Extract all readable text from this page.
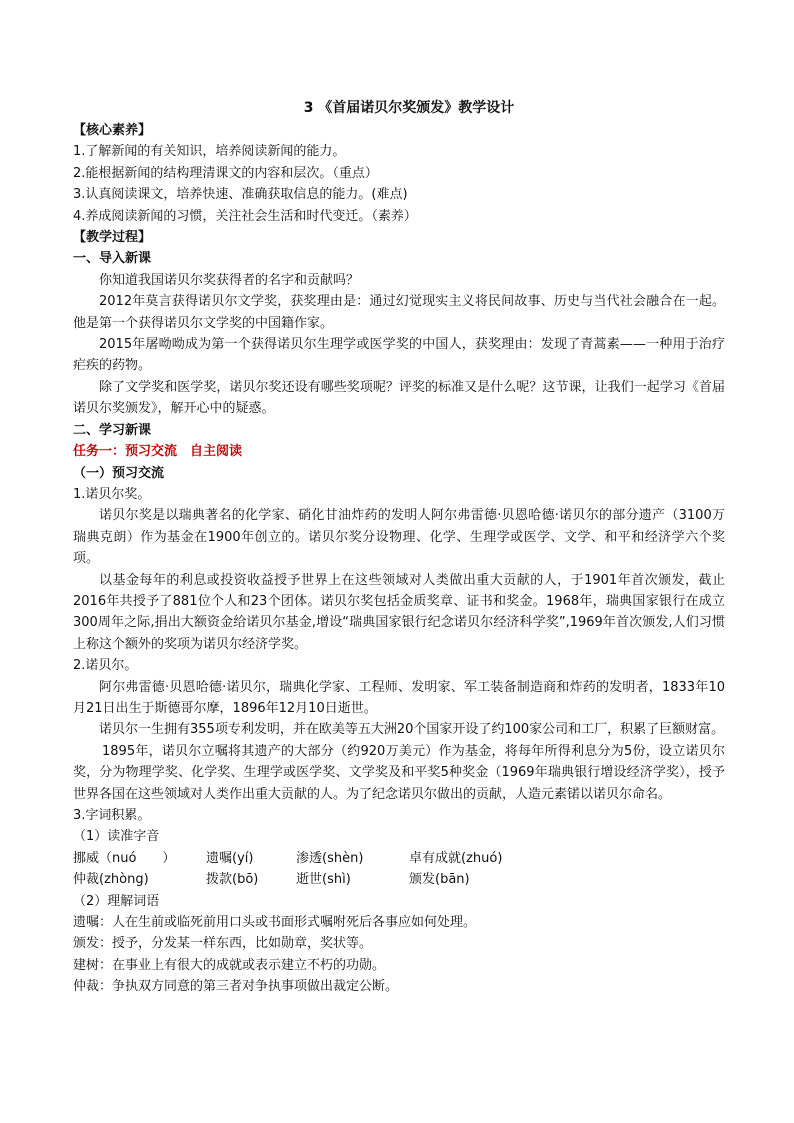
3 《首届诺贝尔奖颁发》教学设计
【核心素养】
1.了解新闻的有关知识，培养阅读新闻的能力。
2.能根据新闻的结构理清课文的内容和层次。（重点）
3.认真阅读课文，培养快速、准确获取信息的能力。(难点)
4.养成阅读新闻的习惯，关注社会生活和时代变迁。（素养）
【教学过程】
一、导入新课
你知道我国诺贝尔奖获得者的名字和贡献吗？
2012年莫言获得诺贝尔文学奖，获奖理由是：通过幻觉现实主义将民间故事、历史与当代社会融合在一起。他是第一个获得诺贝尔文学奖的中国籍作家。
2015年屠呦呦成为第一个获得诺贝尔生理学或医学奖的中国人，获奖理由：发现了青蒿素——一种用于治疗疟疾的药物。
除了文学奖和医学奖，诺贝尔奖还设有哪些奖项呢？评奖的标准又是什么呢？这节课，让我们一起学习《首届诺贝尔奖颁发》，解开心中的疑惑。
二、学习新课
任务一：预习交流　自主阅读
（一）预习交流
1.诺贝尔奖。
诺贝尔奖是以瑞典著名的化学家、硝化甘油炸药的发明人阿尔弗雷德·贝恩哈德·诺贝尔的部分遗产（3100万瑞典克朗）作为基金在1900年创立的。诺贝尔奖分设物理、化学、生理学或医学、文学、和平和经济学六个奖项。
以基金每年的利息或投资收益授予世界上在这些领域对人类做出重大贡献的人，于1901年首次颁发，截止2016年共授予了881位个人和23个团体。诺贝尔奖包括金质奖章、证书和奖金。1968年，瑞典国家银行在成立300周年之际,捐出大额资金给诺贝尔基金,增设“瑞典国家银行纪念诺贝尔经济科学奖”,1969年首次颁发,人们习惯上称这个额外的奖项为诺贝尔经济学奖。
2.诺贝尔。
阿尔弗雷德·贝恩哈德·诺贝尔，瑞典化学家、工程师、发明家、军工装备制造商和炸药的发明者，1833年10月21日出生于斯德哥尔摩，1896年12月10日逝世。
诺贝尔一生拥有355项专利发明，并在欧美等五大洲20个国家开设了约100家公司和工厂，积累了巨额财富。
1895年，诺贝尔立嘱将其遗产的大部分（约920万美元）作为基金，将每年所得利息分为5份，设立诺贝尔奖，分为物理学奖、化学奖、生理学或医学奖、文学奖及和平奖5种奖金（1969年瑞典银行增设经济学奖），授予世界各国在这些领域对人类作出重大贡献的人。为了纪念诺贝尔做出的贡献，人造元素锘以诺贝尔命名。
3.字词积累。
（1）读准字音
挪威（nuó　　）	遗嘱(yí)	渗透(shèn)	卓有成就(zhuó)
仲裁(zhòng)	拨款(bō)	逝世(shì)	颁发(bān)
（2）理解词语
遗嘱：人在生前或临死前用口头或书面形式嘱咐死后各事应如何处理。
颁发：授予，分发某一样东西，比如勋章，奖状等。
建树：在事业上有很大的成就或表示建立不朽的功勋。
仲裁：争执双方同意的第三者对争执事项做出裁定公断。
